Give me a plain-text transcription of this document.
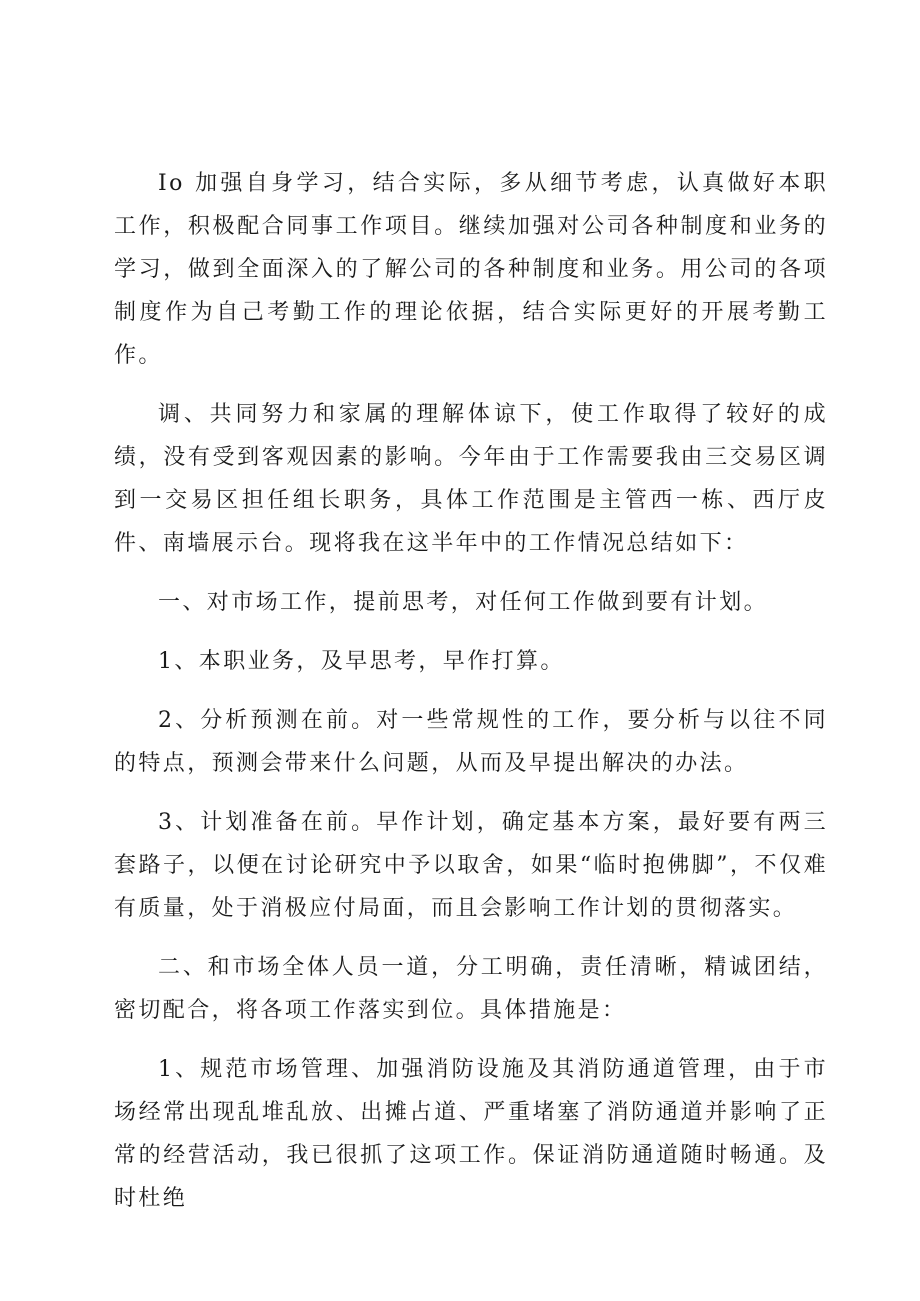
Io 加强自身学习，结合实际，多从细节考虑，认真做好本职工作，积极配合同事工作项目。继续加强对公司各种制度和业务的学习，做到全面深入的了解公司的各种制度和业务。用公司的各项制度作为自己考勤工作的理论依据，结合实际更好的开展考勤工作。

调、共同努力和家属的理解体谅下，使工作取得了较好的成绩，没有受到客观因素的影响。今年由于工作需要我由三交易区调到一交易区担任组长职务，具体工作范围是主管西一栋、西厅皮件、南墙展示台。现将我在这半年中的工作情况总结如下：

一、对市场工作，提前思考，对任何工作做到要有计划。

1、本职业务，及早思考，早作打算。

2、分析预测在前。对一些常规性的工作，要分析与以往不同的特点，预测会带来什么问题，从而及早提出解决的办法。

3、计划准备在前。早作计划，确定基本方案，最好要有两三套路子，以便在讨论研究中予以取舍，如果“临时抱佛脚”，不仅难有质量，处于消极应付局面，而且会影响工作计划的贯彻落实。

二、和市场全体人员一道，分工明确，责任清晰，精诚团结，密切配合，将各项工作落实到位。具体措施是：

1、规范市场管理、加强消防设施及其消防通道管理，由于市场经常出现乱堆乱放、出摊占道、严重堵塞了消防通道并影响了正常的经营活动，我已很抓了这项工作。保证消防通道随时畅通。及时杜绝
